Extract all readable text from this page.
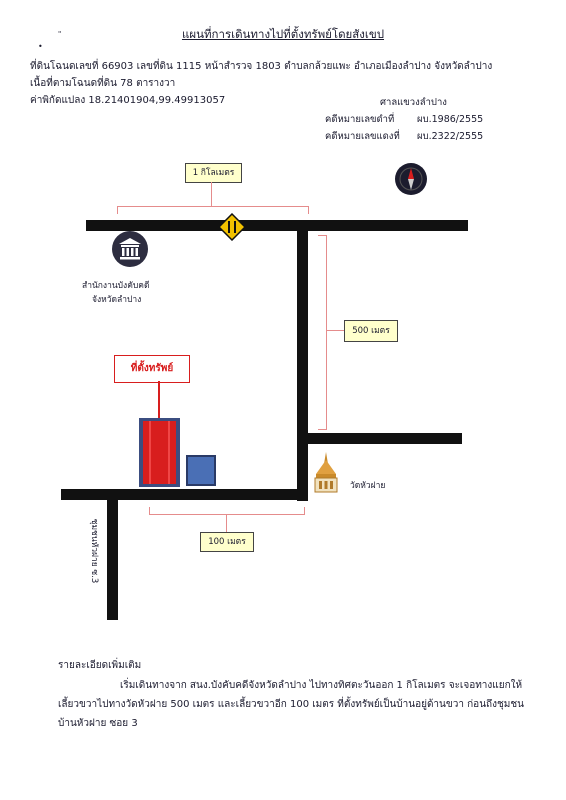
แผนที่การเดินทางไปที่ตั้งทรัพย์โดยสังเขป
"
•
ที่ดินโฉนดเลขที่ 66903 เลขที่ดิน 1115 หน้าสำรวจ 1803 ตำบลกล้วยแพะ อำเภอเมืองลำปาง จังหวัดลำปาง
เนื้อที่ตามโฉนดที่ดิน 78 ตารางวา
ค่าพิกัดแปลง 18.21401904,99.49913057	ศาลแขวงลำปาง
คดีหมายเลขดำที่ ผบ.1986/2555
คดีหมายเลขแดงที่ ผบ.2322/2555
1 กิโลเมตร
สำนักงานบังคับคดี
จังหวัดลำปาง
500 เมตร
ที่ตั้งทรัพย์
วัดหัวฝาย
100 เมตร
ชุมชนหัวฝาย ซ.3
รายละเอียดเพิ่มเติม
เริ่มเดินทางจาก สนง.บังคับคดีจังหวัดลำปาง ไปทางทิศตะวันออก 1 กิโลเมตร จะเจอทางแยกให้
เลี้ยวขวาไปทางวัดหัวฝาย 500 เมตร และเลี้ยวขวาอีก 100 เมตร ที่ตั้งทรัพย์เป็นบ้านอยู่ด้านขวา ก่อนถึงชุมชน
บ้านหัวฝาย ซอย 3
